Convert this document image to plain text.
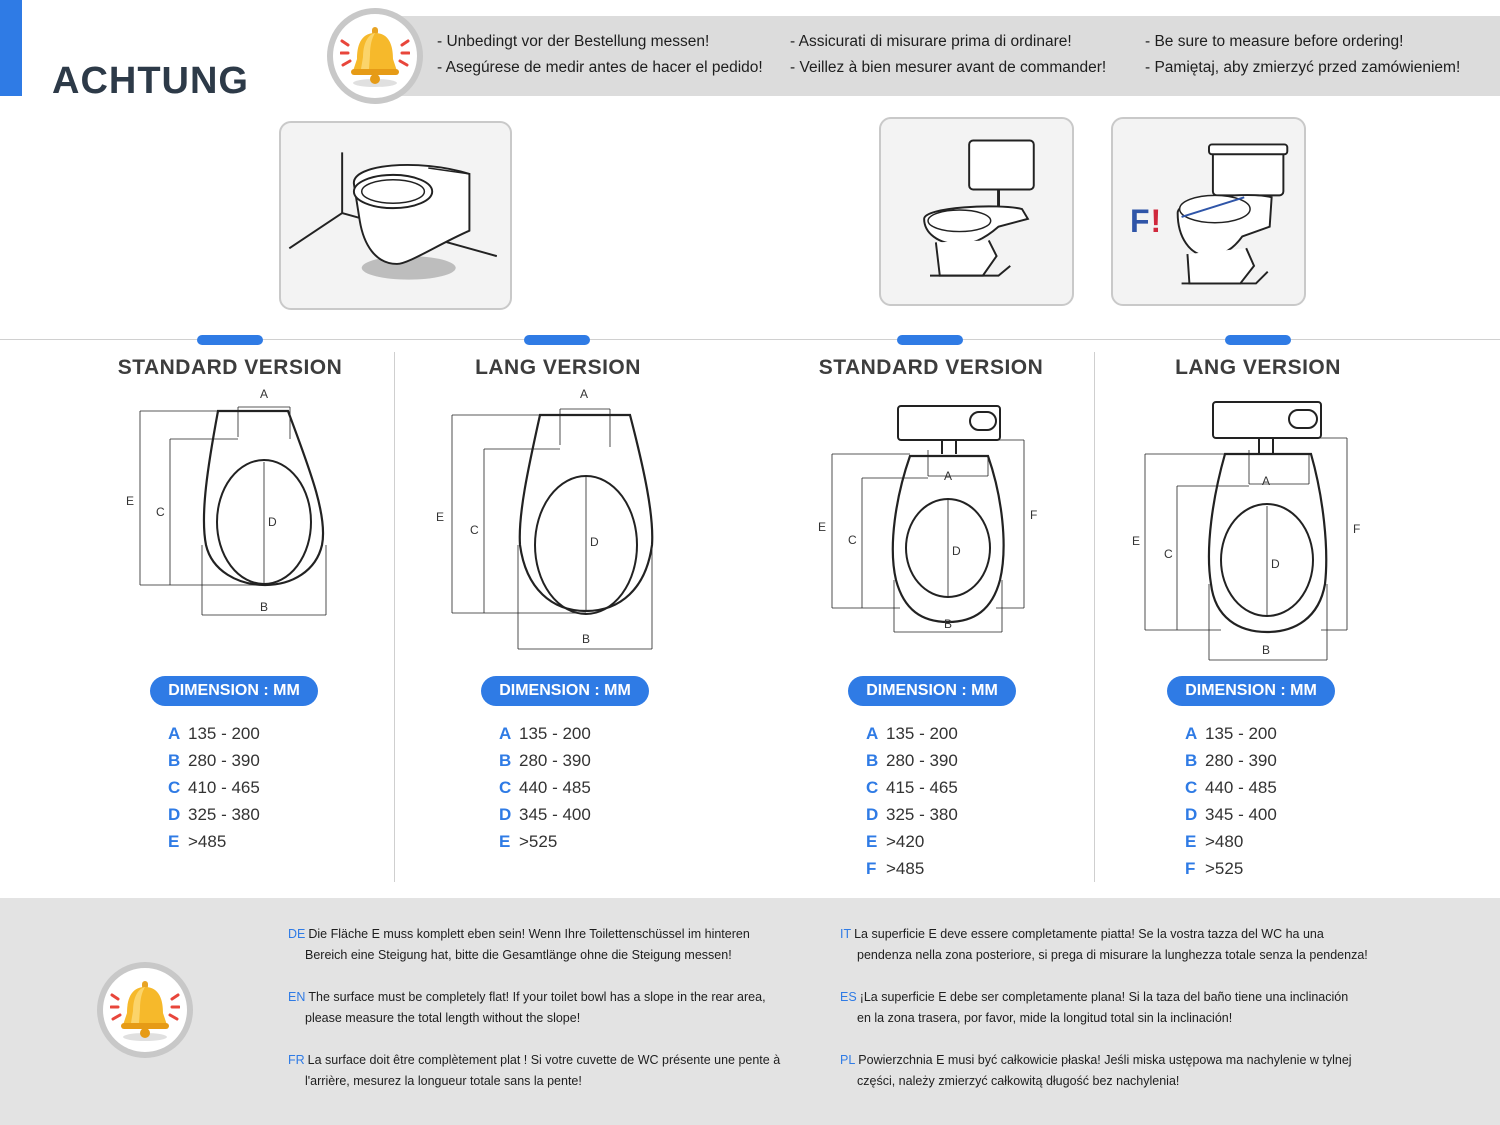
ACHTUNG
- Unbedingt vor der Bestellung messen!
- Asegúrese de medir antes de hacer el pedido!
- Assicurati di misurare prima di ordinare!
- Veillez à bien mesurer avant de commander!
- Be sure to measure before ordering!
- Pamiętaj, aby zmierzyć przed zamówieniem!
F!
STANDARD VERSION	LANG VERSION	STANDARD VERSION	LANG VERSION
A
E
C
D
B
A
E
C
D
B
A
E
C
D
F
B
A
E
C
D
F
B
DIMENSION : MM	DIMENSION : MM	DIMENSION : MM	DIMENSION : MM
A 135 - 200
B 280 - 390
C 410 - 465
D 325 - 380
E >485
A 135 - 200
B 280 - 390
C 440 - 485
D 345 - 400
E >525
A 135 - 200
B 280 - 390
C 415 - 465
D 325 - 380
E >420
F >485
A 135 - 200
B 280 - 390
C 440 - 485
D 345 - 400
E >480
F >525
DE Die Fläche E muss komplett eben sein! Wenn Ihre Toilettenschüssel im hinteren
Bereich eine Steigung hat, bitte die Gesamtlänge ohne die Steigung messen!
EN The surface must be completely flat! If your toilet bowl has a slope in the rear area,
please measure the total length without the slope!
FR La surface doit être complètement plat ! Si votre cuvette de WC présente une pente à
l'arrière, mesurez la longueur totale sans la pente!
IT La superficie E deve essere completamente piatta! Se la vostra tazza del WC ha una
pendenza nella zona posteriore, si prega di misurare la lunghezza totale senza la pendenza!
ES ¡La superficie E debe ser completamente plana! Si la taza del baño tiene una inclinación
en la zona trasera, por favor, mide la longitud total sin la inclinación!
PL Powierzchnia E musi być całkowicie płaska! Jeśli miska ustępowa ma nachylenie w tylnej
części, należy zmierzyć całkowitą długość bez nachylenia!
